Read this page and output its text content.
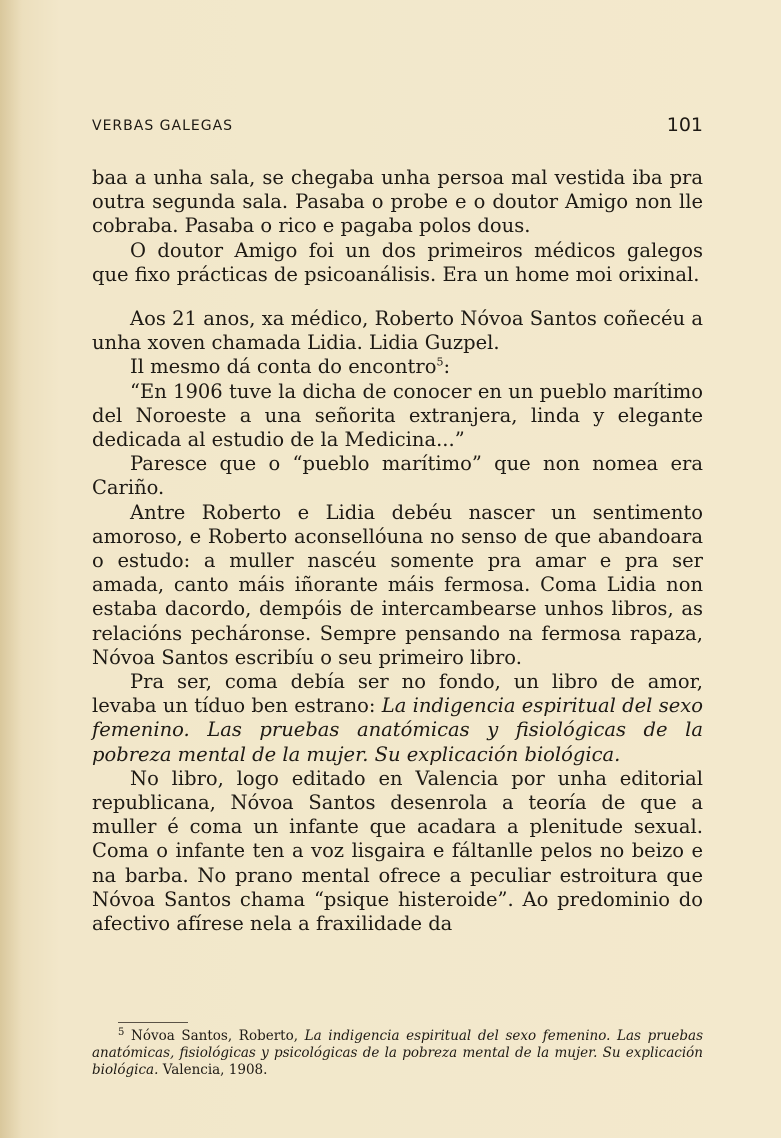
VERBAS GALEGAS	101

baa a unha sala, se chegaba unha persoa mal vestida iba pra outra segunda sala. Pasaba o probe e o doutor Amigo non lle cobraba. Pasaba o rico e pagaba polos dous.

O doutor Amigo foi un dos primeiros médicos galegos que fixo prácticas de psicoanálisis. Era un home moi orixinal.

Aos 21 anos, xa médico, Roberto Nóvoa Santos coñecéu a unha xoven chamada Lidia. Lidia Guzpel.

Il mesmo dá conta do encontro$^5$:

“En 1906 tuve la dicha de conocer en un pueblo marítimo del Noroeste a una señorita extranjera, linda y elegante dedicada al estudio de la Medicina...”

Paresce que o “pueblo marítimo” que non nomea era Cariño.

Antre Roberto e Lidia debéu nascer un sentimento amoroso, e Roberto aconsellóuna no senso de que abandoara o estudo: a muller nascéu somente pra amar e pra ser amada, canto máis iñorante máis fermosa. Coma Lidia non estaba dacordo, dempóis de intercambearse unhos libros, as relacións pecháronse. Sempre pensando na fermosa rapaza, Nóvoa Santos escribíu o seu primeiro libro.

Pra ser, coma debía ser no fondo, un libro de amor, levaba un tíduo ben estrano: La indigencia espiritual del sexo femenino. Las pruebas anatómicas y fisiológicas de la pobreza mental de la mujer. Su explicación biológica.

No libro, logo editado en Valencia por unha editorial republicana, Nóvoa Santos desenrola a teoría de que a muller é coma un infante que acadara a plenitude sexual. Coma o infante ten a voz lisgaira e fáltanlle pelos no beizo e na barba. No prano mental ofrece a peculiar estroitura que Nóvoa Santos chama “psique histeroide”. Ao predominio do afectivo afírese nela a fraxilidade da

$^5$ Nóvoa Santos, Roberto, La indigencia espiritual del sexo femenino. Las pruebas anatómicas, fisiológicas y psicológicas de la pobreza mental de la mujer. Su explicación biológica. Valencia, 1908.
